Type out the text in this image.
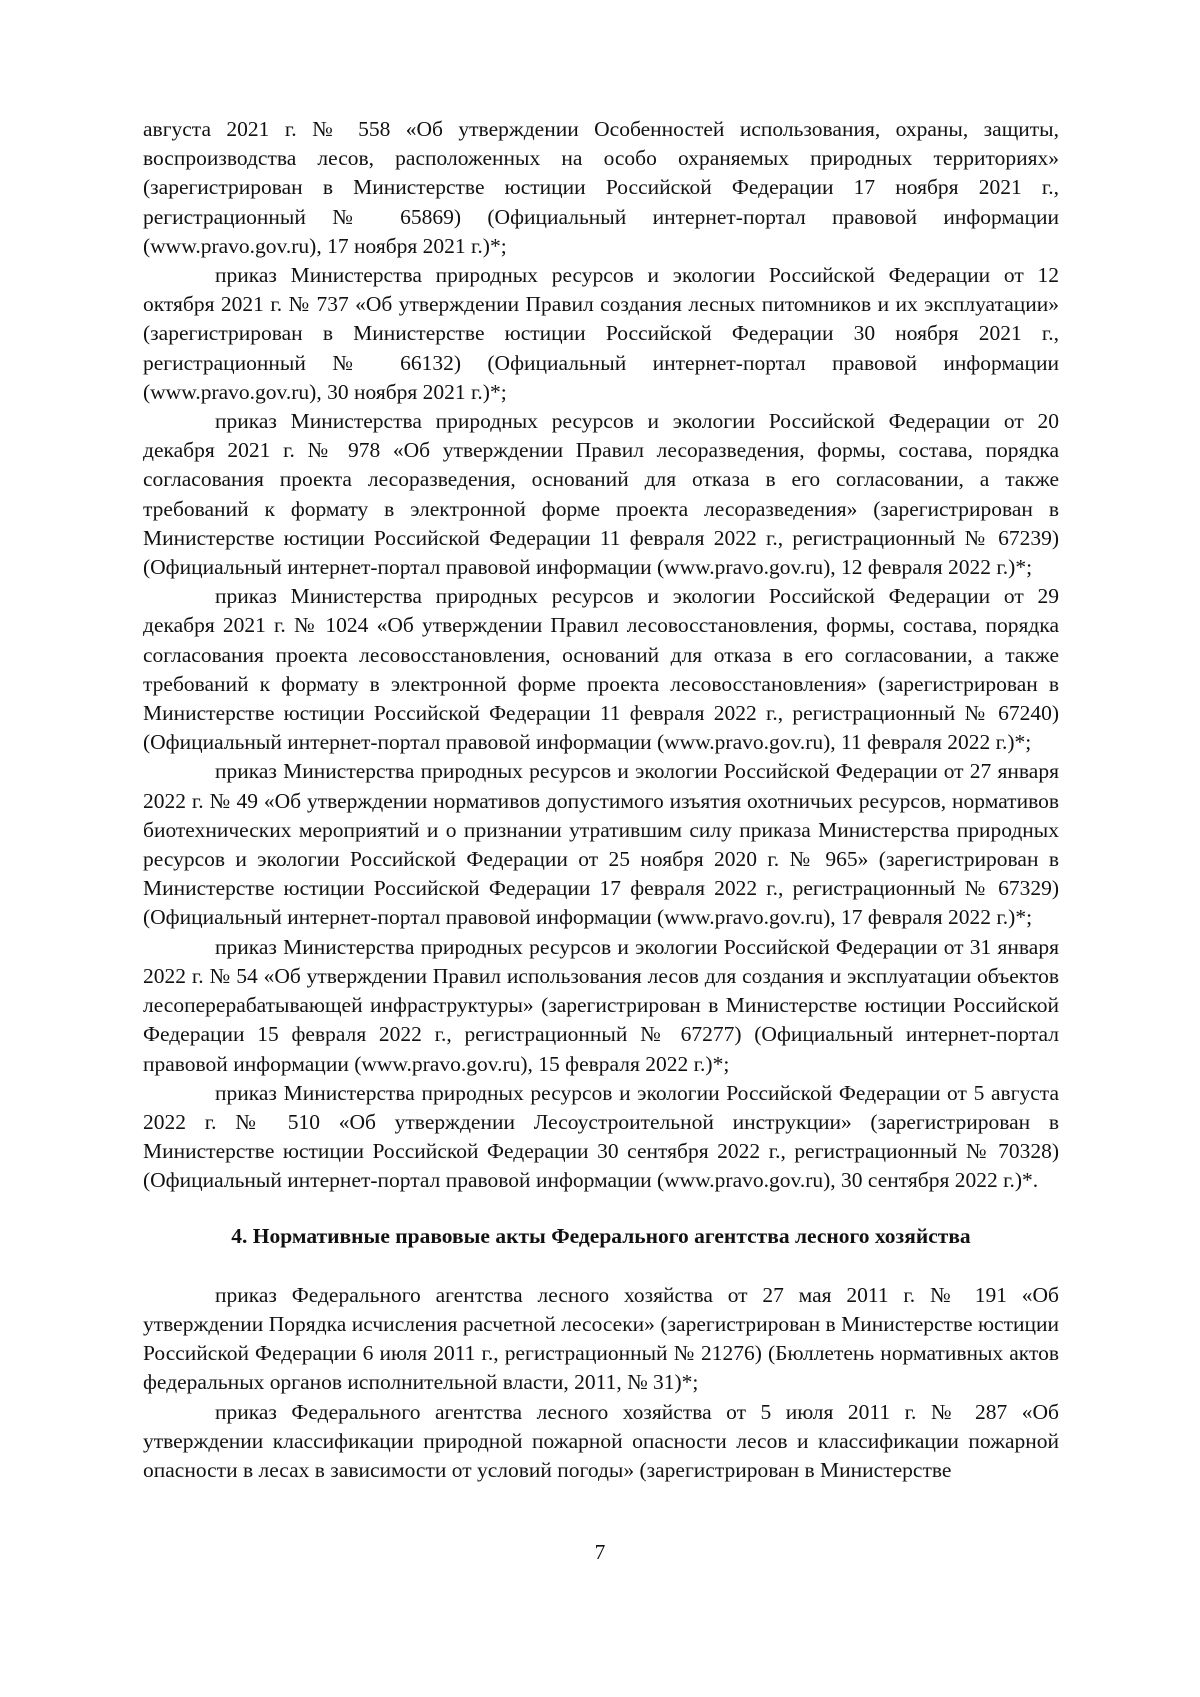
августа 2021 г. № 558 «Об утверждении Особенностей использования, охраны, защиты, воспроизводства лесов, расположенных на особо охраняемых природных территориях» (зарегистрирован в Министерстве юстиции Российской Федерации 17 ноября 2021 г., регистрационный № 65869) (Официальный интернет-портал правовой информации (www.pravo.gov.ru), 17 ноября 2021 г.)*;

приказ Министерства природных ресурсов и экологии Российской Федерации от 12 октября 2021 г. № 737 «Об утверждении Правил создания лесных питомников и их эксплуатации» (зарегистрирован в Министерстве юстиции Российской Федерации 30 ноября 2021 г., регистрационный № 66132) (Официальный интернет-портал правовой информации (www.pravo.gov.ru), 30 ноября 2021 г.)*;

приказ Министерства природных ресурсов и экологии Российской Федерации от 20 декабря 2021 г. № 978 «Об утверждении Правил лесоразведения, формы, состава, порядка согласования проекта лесоразведения, оснований для отказа в его согласовании, а также требований к формату в электронной форме проекта лесоразведения» (зарегистрирован в Министерстве юстиции Российской Федерации 11 февраля 2022 г., регистрационный № 67239) (Официальный интернет-портал правовой информации (www.pravo.gov.ru), 12 февраля 2022 г.)*;

приказ Министерства природных ресурсов и экологии Российской Федерации от 29 декабря 2021 г. № 1024 «Об утверждении Правил лесовосстановления, формы, состава, порядка согласования проекта лесовосстановления, оснований для отказа в его согласовании, а также требований к формату в электронной форме проекта лесовосстановления» (зарегистрирован в Министерстве юстиции Российской Федерации 11 февраля 2022 г., регистрационный № 67240) (Официальный интернет-портал правовой информации (www.pravo.gov.ru), 11 февраля 2022 г.)*;

приказ Министерства природных ресурсов и экологии Российской Федерации от 27 января 2022 г. № 49 «Об утверждении нормативов допустимого изъятия охотничьих ресурсов, нормативов биотехнических мероприятий и о признании утратившим силу приказа Министерства природных ресурсов и экологии Российской Федерации от 25 ноября 2020 г. № 965» (зарегистрирован в Министерстве юстиции Российской Федерации 17 февраля 2022 г., регистрационный № 67329) (Официальный интернет-портал правовой информации (www.pravo.gov.ru), 17 февраля 2022 г.)*;

приказ Министерства природных ресурсов и экологии Российской Федерации от 31 января 2022 г. № 54 «Об утверждении Правил использования лесов для создания и эксплуатации объектов лесоперерабатывающей инфраструктуры» (зарегистрирован в Министерстве юстиции Российской Федерации 15 февраля 2022 г., регистрационный № 67277) (Официальный интернет-портал правовой информации (www.pravo.gov.ru), 15 февраля 2022 г.)*;

приказ Министерства природных ресурсов и экологии Российской Федерации от 5 августа 2022 г. № 510 «Об утверждении Лесоустроительной инструкции» (зарегистрирован в Министерстве юстиции Российской Федерации 30 сентября 2022 г., регистрационный № 70328) (Официальный интернет-портал правовой информации (www.pravo.gov.ru), 30 сентября 2022 г.)*.

4. Нормативные правовые акты Федерального агентства лесного хозяйства

приказ Федерального агентства лесного хозяйства от 27 мая 2011 г. № 191 «Об утверждении Порядка исчисления расчетной лесосеки» (зарегистрирован в Министерстве юстиции Российской Федерации 6 июля 2011 г., регистрационный № 21276) (Бюллетень нормативных актов федеральных органов исполнительной власти, 2011, № 31)*;

приказ Федерального агентства лесного хозяйства от 5 июля 2011 г. № 287 «Об утверждении классификации природной пожарной опасности лесов и классификации пожарной опасности в лесах в зависимости от условий погоды» (зарегистрирован в Министерстве

7
